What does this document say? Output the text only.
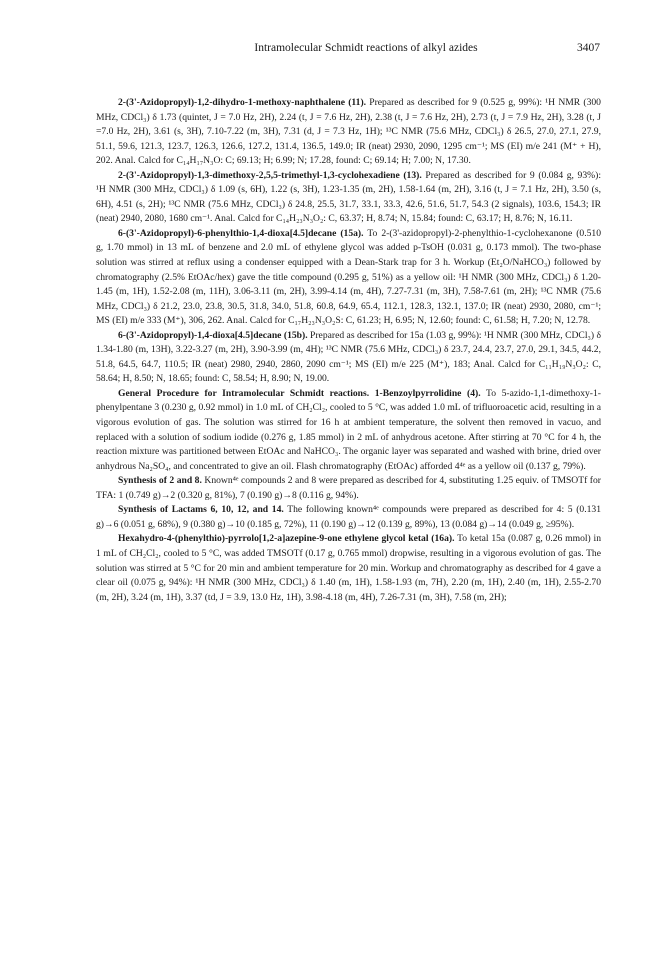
Intramolecular Schmidt reactions of alkyl azides	3407

2-(3'-Azidopropyl)-1,2-dihydro-1-methoxy-naphthalene (11). Prepared as described for 9 (0.525 g, 99%): ¹H NMR (300 MHz, CDCl₃) δ 1.73 (quintet, J = 7.0 Hz, 2H), 2.24 (t, J = 7.6 Hz, 2H), 2.38 (t, J = 7.6 Hz, 2H), 2.73 (t, J = 7.9 Hz, 2H), 3.28 (t, J =7.0 Hz, 2H), 3.61 (s, 3H), 7.10-7.22 (m, 3H), 7.31 (d, J = 7.3 Hz, 1H); ¹³C NMR (75.6 MHz, CDCl₃) δ 26.5, 27.0, 27.1, 27.9, 51.1, 59.6, 121.3, 123.7, 126.3, 126.6, 127.2, 131.4, 136.5, 149.0; IR (neat) 2930, 2090, 1295 cm⁻¹; MS (EI) m/e 241 (M⁺ + H), 202. Anal. Calcd for C₁₄H₁₇N₃O: C; 69.13; H; 6.99; N; 17.28, found: C; 69.14; H; 7.00; N, 17.30.

2-(3'-Azidopropyl)-1,3-dimethoxy-2,5,5-trimethyl-1,3-cyclohexadiene (13). Prepared as described for 9 (0.084 g, 93%): ¹H NMR (300 MHz, CDCl₃) δ 1.09 (s, 6H), 1.22 (s, 3H), 1.23-1.35 (m, 2H), 1.58-1.64 (m, 2H), 3.16 (t, J = 7.1 Hz, 2H), 3.50 (s, 6H), 4.51 (s, 2H); ¹³C NMR (75.6 MHz, CDCl₃) δ 24.8, 25.5, 31.7, 33.1, 33.3, 42.6, 51.6, 51.7, 54.3 (2 signals), 103.6, 154.3; IR (neat) 2940, 2080, 1680 cm⁻¹. Anal. Calcd for C₁₄H₂₃N₃O₂: C, 63.37; H, 8.74; N, 15.84; found: C, 63.17; H, 8.76; N, 16.11.

6-(3'-Azidopropyl)-6-phenylthio-1,4-dioxa[4.5]decane (15a). To 2-(3'-azidopropyl)-2-phenylthio-1-cyclohexanone (0.510 g, 1.70 mmol) in 13 mL of benzene and 2.0 mL of ethylene glycol was added p-TsOH (0.031 g, 0.173 mmol). The two-phase solution was stirred at reflux using a condenser equipped with a Dean-Stark trap for 3 h. Workup (Et₂O/NaHCO₃) followed by chromatography (2.5% EtOAc/hex) gave the title compound (0.295 g, 51%) as a yellow oil: ¹H NMR (300 MHz, CDCl₃) δ 1.20-1.45 (m, 1H), 1.52-2.08 (m, 11H), 3.06-3.11 (m, 2H), 3.99-4.14 (m, 4H), 7.27-7.31 (m, 3H), 7.58-7.61 (m, 2H); ¹³C NMR (75.6 MHz, CDCl₃) δ 21.2, 23.0, 23.8, 30.5, 31.8, 34.0, 51.8, 60.8, 64.9, 65.4, 112.1, 128.3, 132.1, 137.0; IR (neat) 2930, 2080, cm⁻¹; MS (EI) m/e 333 (M⁺), 306, 262. Anal. Calcd for C₁₇H₂₃N₃O₂S: C, 61.23; H, 6.95; N, 12.60; found: C, 61.58; H, 7.20; N, 12.78.

6-(3'-Azidopropyl)-1,4-dioxa[4.5]decane (15b). Prepared as described for 15a (1.03 g, 99%): ¹H NMR (300 MHz, CDCl₃) δ 1.34-1.80 (m, 13H), 3.22-3.27 (m, 2H), 3.90-3.99 (m, 4H); ¹³C NMR (75.6 MHz, CDCl₃) δ 23.7, 24.4, 23.7, 27.0, 29.1, 34.5, 44.2, 51.8, 64.5, 64.7, 110.5; IR (neat) 2980, 2940, 2860, 2090 cm⁻¹; MS (EI) m/e 225 (M⁺), 183; Anal. Calcd for C₁₁H₁₉N₃O₂: C, 58.64; H, 8.50; N, 18.65; found: C, 58.54; H, 8.90; N, 19.00.

General Procedure for Intramolecular Schmidt reactions. 1-Benzoylpyrrolidine (4). To 5-azido-1,1-dimethoxy-1-phenylpentane 3 (0.230 g, 0.92 mmol) in 1.0 mL of CH₂Cl₂, cooled to 5 °C, was added 1.0 mL of trifluoroacetic acid, resulting in a vigorous evolution of gas. The solution was stirred for 16 h at ambient temperature, the solvent then removed in vacuo, and replaced with a solution of sodium iodide (0.276 g, 1.85 mmol) in 2 mL of anhydrous acetone. After stirring at 70 °C for 4 h, the reaction mixture was partitioned between EtOAc and NaHCO₃. The organic layer was separated and washed with brine, dried over anhydrous Na₂SO₄, and concentrated to give an oil. Flash chromatography (EtOAc) afforded 4⁴ᵉ as a yellow oil (0.137 g, 79%).

Synthesis of 2 and 8. Known⁴ᵉ compounds 2 and 8 were prepared as described for 4, substituting 1.25 equiv. of TMSOTf for TFA: 1 (0.749 g)→2 (0.320 g, 81%), 7 (0.190 g)→8 (0.116 g, 94%).

Synthesis of Lactams 6, 10, 12, and 14. The following known⁴ᵉ compounds were prepared as described for 4: 5 (0.131 g)→6 (0.051 g, 68%), 9 (0.380 g)→10 (0.185 g, 72%), 11 (0.190 g)→12 (0.139 g, 89%), 13 (0.084 g)→14 (0.049 g, ≥95%).

Hexahydro-4-(phenylthio)-pyrrolo[1,2-a]azepine-9-one ethylene glycol ketal (16a). To ketal 15a (0.087 g, 0.26 mmol) in 1 mL of CH₂Cl₂, cooled to 5 °C, was added TMSOTf (0.17 g, 0.765 mmol) dropwise, resulting in a vigorous evolution of gas. The solution was stirred at 5 °C for 20 min and ambient temperature for 20 min. Workup and chromatography as described for 4 gave a clear oil (0.075 g, 94%): ¹H NMR (300 MHz, CDCl₃) δ 1.40 (m, 1H), 1.58-1.93 (m, 7H), 2.20 (m, 1H), 2.40 (m, 1H), 2.55-2.70 (m, 2H), 3.24 (m, 1H), 3.37 (td, J = 3.9, 13.0 Hz, 1H), 3.98-4.18 (m, 4H), 7.26-7.31 (m, 3H), 7.58 (m, 2H);
